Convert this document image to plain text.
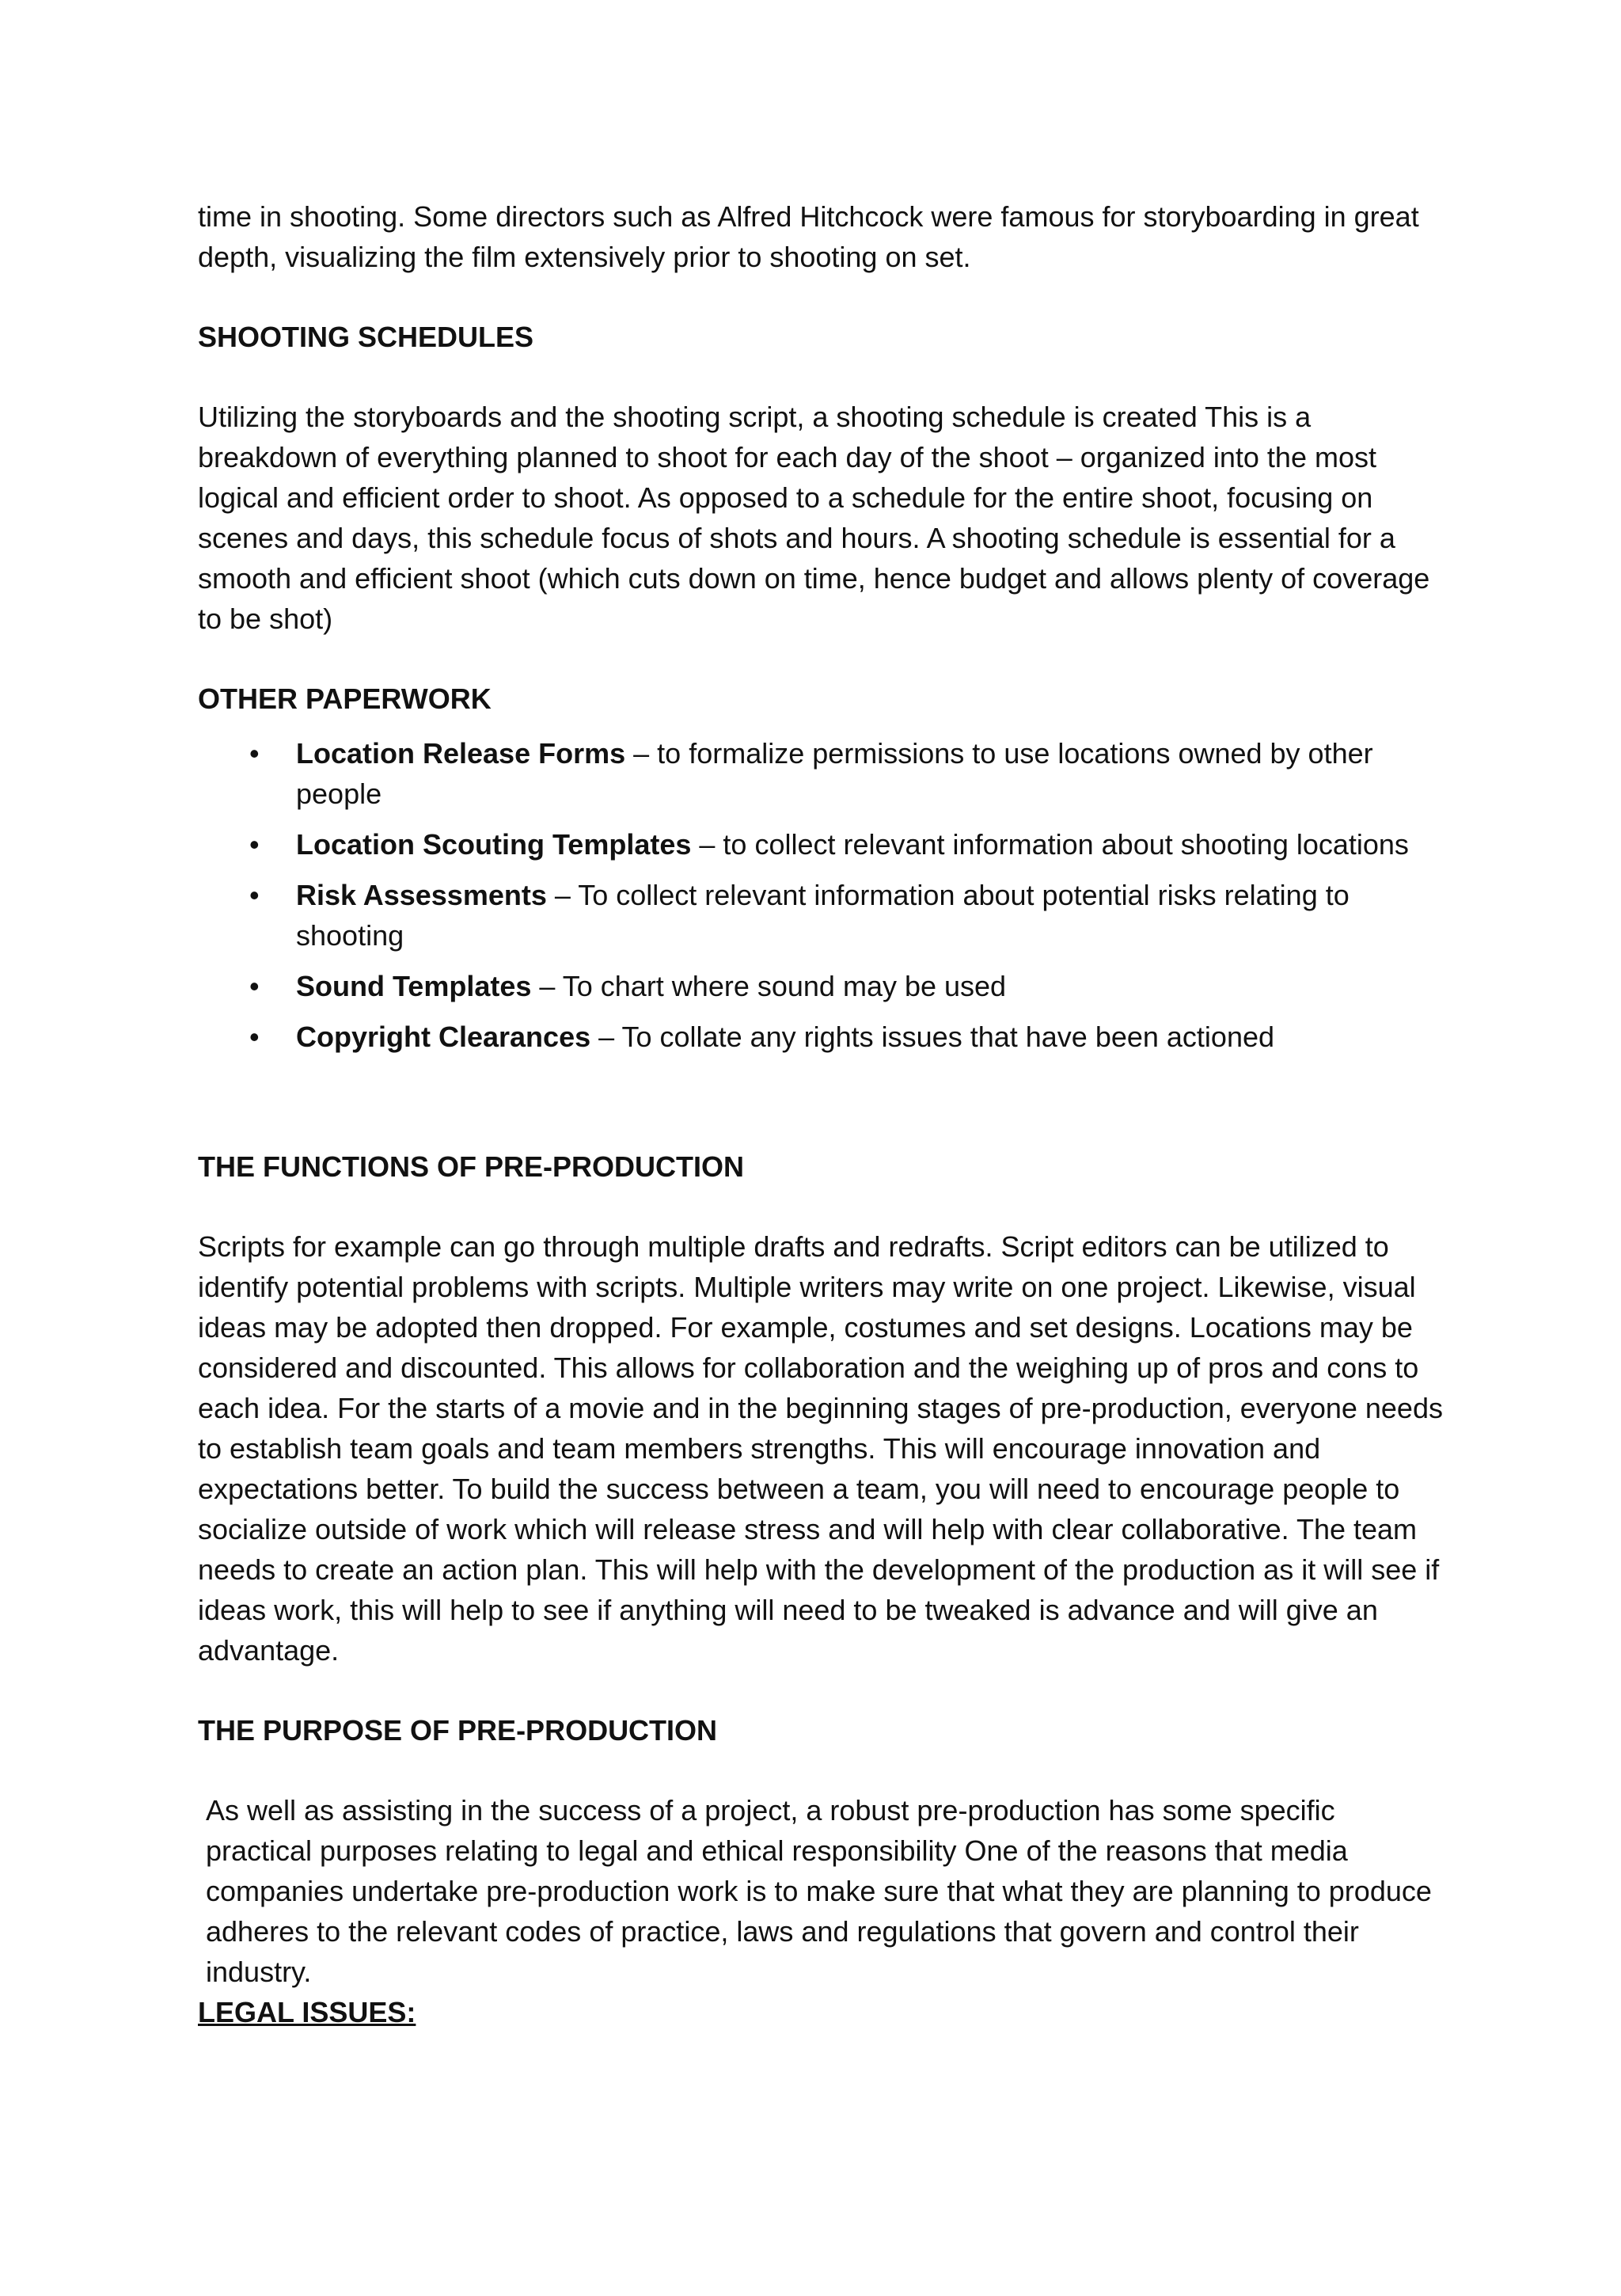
time in shooting. Some directors such as Alfred Hitchcock were famous for storyboarding in great depth, visualizing the film extensively prior to shooting on set.

SHOOTING SCHEDULES

Utilizing the storyboards and the shooting script, a shooting schedule is created This is a breakdown of everything planned to shoot for each day of the shoot – organized into the most logical and efficient order to shoot. As opposed to a schedule for the entire shoot, focusing on scenes and days, this schedule focus of shots and hours. A shooting schedule is essential for a smooth and efficient shoot (which cuts down on time, hence budget and allows plenty of coverage to be shot)

OTHER PAPERWORK

• Location Release Forms – to formalize permissions to use locations owned by other people
• Location Scouting Templates – to collect relevant information about shooting locations
• Risk Assessments – To collect relevant information about potential risks relating to shooting
• Sound Templates – To chart where sound may be used
• Copyright Clearances – To collate any rights issues that have been actioned

THE FUNCTIONS OF PRE-PRODUCTION

Scripts for example can go through multiple drafts and redrafts. Script editors can be utilized to identify potential problems with scripts. Multiple writers may write on one project. Likewise, visual ideas may be adopted then dropped. For example, costumes and set designs. Locations may be considered and discounted. This allows for collaboration and the weighing up of pros and cons to each idea. For the starts of a movie and in the beginning stages of pre-production, everyone needs to establish team goals and team members strengths. This will encourage innovation and expectations better. To build the success between a team, you will need to encourage people to socialize outside of work which will release stress and will help with clear collaborative. The team needs to create an action plan. This will help with the development of the production as it will see if ideas work, this will help to see if anything will need to be tweaked is advance and will give an advantage.

THE PURPOSE OF PRE-PRODUCTION

As well as assisting in the success of a project, a robust pre-production has some specific practical purposes relating to legal and ethical responsibility One of the reasons that media companies undertake pre-production work is to make sure that what they are planning to produce adheres to the relevant codes of practice, laws and regulations that govern and control their industry.

LEGAL ISSUES:
